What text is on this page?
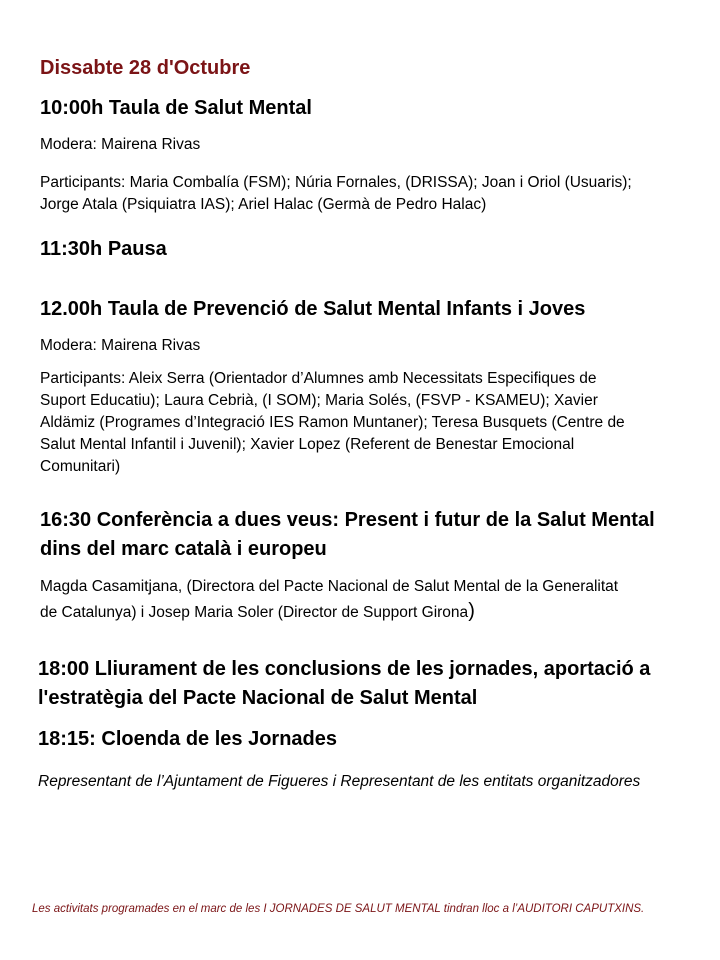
Dissabte 28 d'Octubre
10:00h Taula de Salut Mental
Modera: Mairena Rivas
Participants: Maria Combalía (FSM); Núria Fornales, (DRISSA); Joan i Oriol (Usuaris);
Jorge Atala (Psiquiatra IAS); Ariel Halac (Germà de Pedro Halac)
11:30h Pausa
12.00h Taula de Prevenció de Salut Mental Infants i Joves
Modera: Mairena Rivas
Participants: Aleix Serra (Orientador d’Alumnes amb Necessitats Especifiques de
Suport Educatiu); Laura Cebrià, (I SOM); Maria Solés, (FSVP - KSAMEU); Xavier
Aldämiz (Programes d’Integració IES Ramon Muntaner); Teresa Busquets (Centre de
Salut Mental Infantil i Juvenil); Xavier Lopez (Referent de Benestar Emocional
Comunitari)
16:30 Conferència a dues veus: Present i futur de la Salut Mental
dins del marc català i europeu
Magda Casamitjana, (Directora del Pacte Nacional de Salut Mental de la Generalitat
de Catalunya) i Josep Maria Soler (Director de Support Girona)
18:00 Lliurament de les conclusions de les jornades, aportació a
l'estratègia del Pacte Nacional de Salut Mental
18:15: Cloenda de les Jornades
Representant de l’Ajuntament de Figueres i Representant de les entitats organitzadores
Les activitats programades en el marc de les I JORNADES DE SALUT MENTAL tindran lloc a l’AUDITORI CAPUTXINS.
